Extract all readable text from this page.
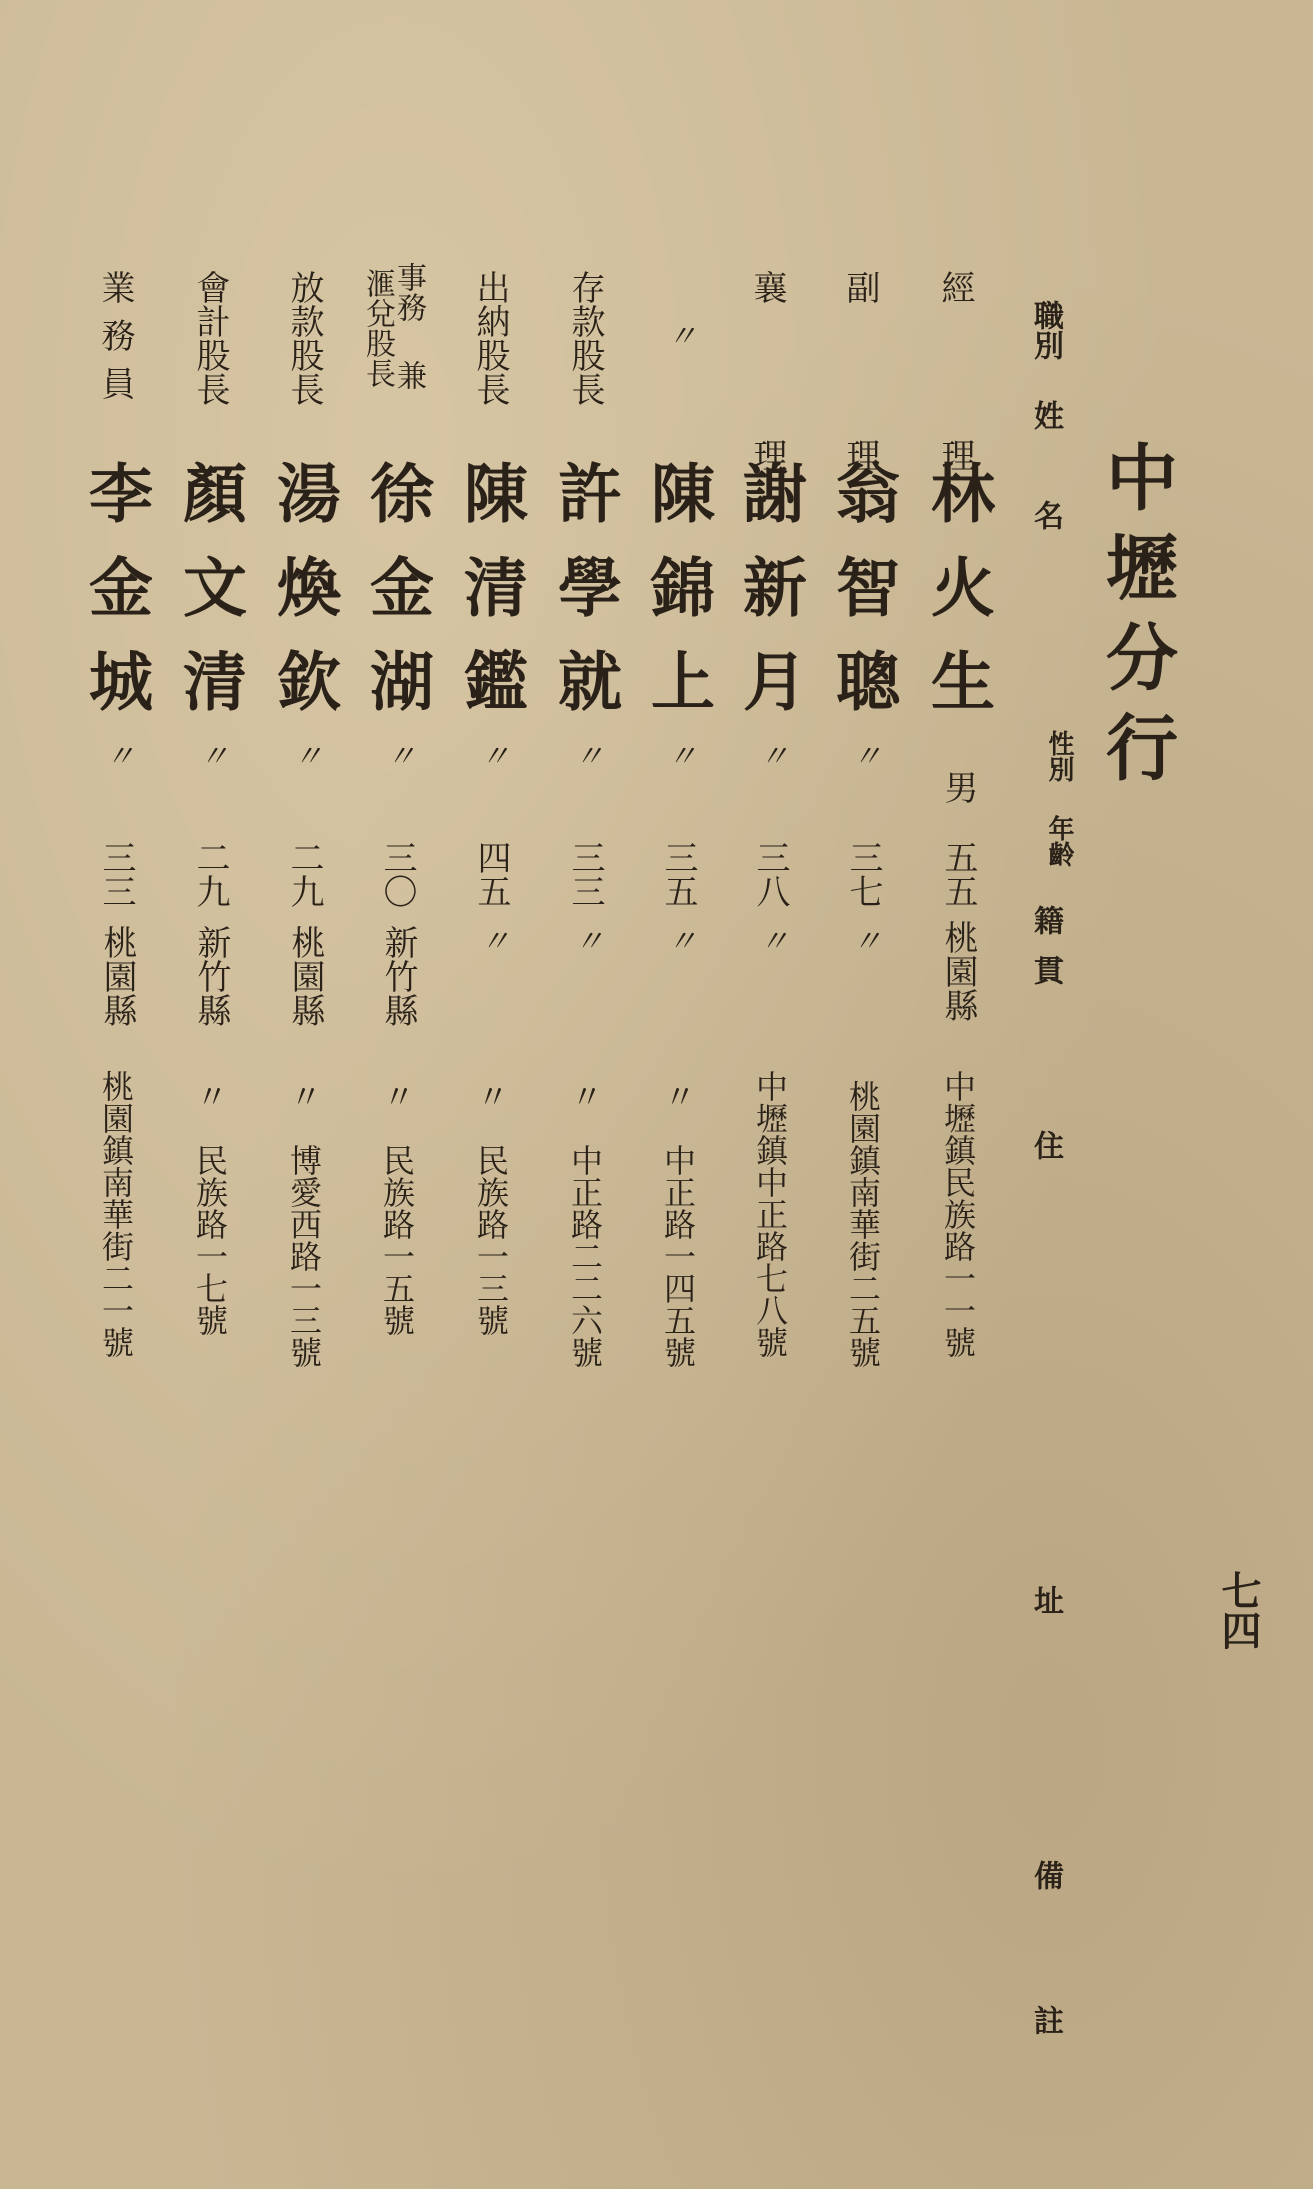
中壢分行
職別
姓　名
性別
年齡
籍貫
住
址
備
註
經　理
林火生
男
五五
桃園縣
中壢鎮民族路一一號
副　理
翁智聰
〃
三七
〃
桃園鎮南華街二五號
襄　理
謝新月
〃
三八
〃
中壢鎮中正路七八號
〃
陳錦上
〃
三五
〃
〃　中正路一四五號
存款股長
許學就
〃
三三
〃
〃　中正路二二六號
出納股長
陳清鑑
〃
四五
〃
〃　民族路一三號
事務
兼
滙兌股長
徐金湖
〃
三〇
新竹縣
〃　民族路一五號
放款股長
湯煥欽
〃
二九
桃園縣
〃　博愛西路一三號
會計股長
顏文清
〃
二九
新竹縣
〃　民族路一七號
業務員
李金城
〃
三三
桃園縣
桃園鎮南華街二一號
七四
